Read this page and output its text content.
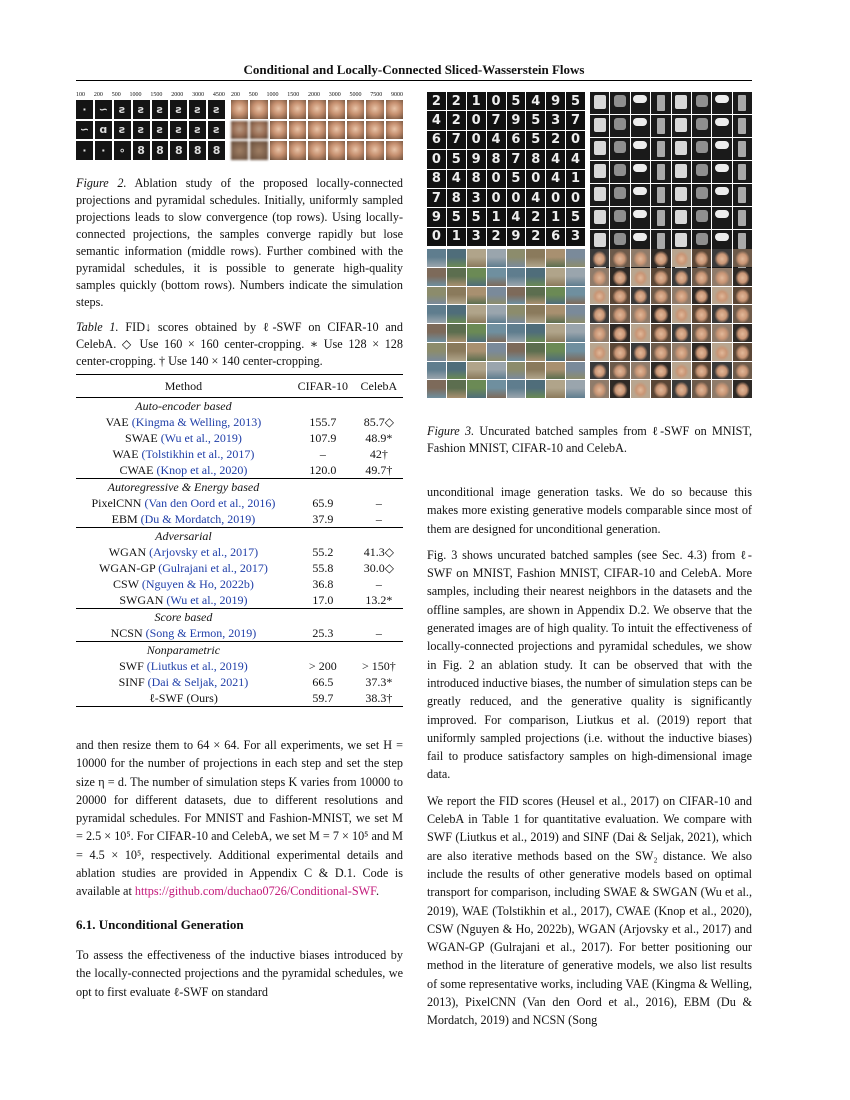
Conditional and Locally-Connected Sliced-Wasserstein Flows
100 200 500 1000 1500 2000 3000 4500 200 500 1000 1500 2000 3000 5000 7500 9000
·	∽ ƨ	ƨ	ƨ	ƨ	ƨ	ƨ
∽ ɑ	ƨ	ƨ	ƨ	ƨ	ƨ	ƨ
·	·	∘	8	8	8	8	8
Figure 2. Ablation study of the proposed locally-connected projections and pyramidal schedules. Initially, uniformly sampled projections leads to slow convergence (top rows). Using locally-connected projections, the samples converge rapidly but lose semantic information (middle rows). Further combined with the pyramidal schedules, it is possible to generate high-quality samples quickly (bottom rows). Numbers indicate the simulation steps.
Table 1. FID↓ scores obtained by ℓ-SWF on CIFAR-10 and CelebA. ◇ Use 160 × 160 center-cropping. ∗ Use 128 × 128 center-cropping. † Use 140 × 140 center-cropping.
Method	CIFAR-10	CelebA
Auto-encoder based		
VAE (Kingma & Welling, 2013)	155.7	85.7◇
SWAE (Wu et al., 2019)	107.9	48.9*
WAE (Tolstikhin et al., 2017)	–	42†
CWAE (Knop et al., 2020)	120.0	49.7†
Autoregressive & Energy based		
PixelCNN (Van den Oord et al., 2016)	65.9	–
EBM (Du & Mordatch, 2019)	37.9	–
Adversarial		
WGAN (Arjovsky et al., 2017)	55.2	41.3◇
WGAN-GP (Gulrajani et al., 2017)	55.8	30.0◇
CSW (Nguyen & Ho, 2022b)	36.8	–
SWGAN (Wu et al., 2019)	17.0	13.2*
Score based		
NCSN (Song & Ermon, 2019)	25.3	–
Nonparametric		
SWF (Liutkus et al., 2019)	> 200	> 150†
SINF (Dai & Seljak, 2021)	66.5	37.3*
ℓ-SWF (Ours)	59.7	38.3†
and then resize them to 64 × 64. For all experiments, we set H = 10000 for the number of projections in each step and set the step size η = d. The number of simulation steps K varies from 10000 to 20000 for different datasets, due to different resolutions and pyramidal schedules. For MNIST and Fashion-MNIST, we set M = 2.5 × 10⁵. For CIFAR-10 and CelebA, we set M = 7 × 10⁵ and M = 4.5 × 10⁵, respectively. Additional experimental details and ablation studies are provided in Appendix C & D.1. Code is available at https://github.com/duchao0726/Conditional-SWF.
6.1. Unconditional Generation
To assess the effectiveness of the inductive biases introduced by the locally-connected projections and the pyramidal schedules, we opt to first evaluate ℓ-SWF on standard
2 2 1 0 5 4 9 5
4 2 0 7 9 5 3 7
6 7 0 4 6 5 2 0
0 5 9 8 7 8 4 4
8 4 8 0 5 0 4 1
7 8 3 0 0 4 0 0
9 5 5 1 4 2 1 5
0 1 3 2 9 2 6 3
Figure 3. Uncurated batched samples from ℓ-SWF on MNIST, Fashion MNIST, CIFAR-10 and CelebA.
unconditional image generation tasks. We do so because this makes more existing generative models comparable since most of them are designed for unconditional generation.
Fig. 3 shows uncurated batched samples (see Sec. 4.3) from ℓ-SWF on MNIST, Fashion MNIST, CIFAR-10 and CelebA. More samples, including their nearest neighbors in the datasets and the offline samples, are shown in Appendix D.2. We observe that the generated images are of high quality. To intuit the effectiveness of locally-connected projections and pyramidal schedules, we show in Fig. 2 an ablation study. It can be observed that with the introduced inductive biases, the number of simulation steps can be greatly reduced, and the generative quality is significantly improved. For comparison, Liutkus et al. (2019) report that uniformly sampled projections (i.e. without the inductive biases) fail to produce satisfactory samples on high-dimensional image data.
We report the FID scores (Heusel et al., 2017) on CIFAR-10 and CelebA in Table 1 for quantitative evaluation. We compare with SWF (Liutkus et al., 2019) and SINF (Dai & Seljak, 2021), which are also iterative methods based on the SW₂ distance. We also include the results of other generative models based on optimal transport for comparison, including SWAE & SWGAN (Wu et al., 2019), WAE (Tolstikhin et al., 2017), CWAE (Knop et al., 2020), CSW (Nguyen & Ho, 2022b), WGAN (Arjovsky et al., 2017) and WGAN-GP (Gulrajani et al., 2017). For better positioning our method in the literature of generative models, we also list results of some representative works, including VAE (Kingma & Welling, 2013), PixelCNN (Van den Oord et al., 2016), EBM (Du & Mordatch, 2019) and NCSN (Song
